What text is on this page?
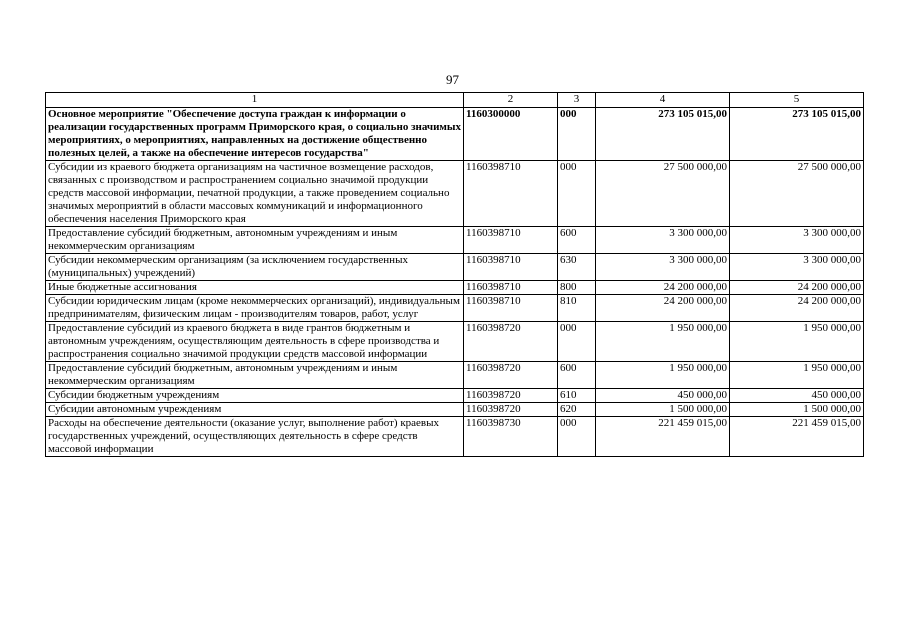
97
1	2	3	4	5
Основное мероприятие "Обеспечение доступа граждан к информации о реализации государственных программ Приморского края, о социально значимых мероприятиях, о мероприятиях, направленных на достижение общественно полезных целей, а также на обеспечение интересов государства"	1160300000	000	273 105 015,00	273 105 015,00
Субсидии из краевого бюджета организациям на частичное возмещение расходов, связанных с производством и распространением социально значимой продукции средств массовой информации, печатной продукции, а также проведением социально значимых мероприятий в области массовых коммуникаций и информационного обеспечения населения Приморского края	1160398710	000	27 500 000,00	27 500 000,00
Предоставление субсидий бюджетным, автономным учреждениям и иным некоммерческим организациям	1160398710	600	3 300 000,00	3 300 000,00
Субсидии некоммерческим организациям (за исключением государственных (муниципальных) учреждений)	1160398710	630	3 300 000,00	3 300 000,00
Иные бюджетные ассигнования	1160398710	800	24 200 000,00	24 200 000,00
Субсидии юридическим лицам (кроме некоммерческих организаций), индивидуальным предпринимателям, физическим лицам - производителям товаров, работ, услуг	1160398710	810	24 200 000,00	24 200 000,00
Предоставление субсидий из краевого бюджета в виде грантов бюджетным и автономным учреждениям, осуществляющим деятельность в сфере производства и распространения социально значимой продукции средств массовой информации	1160398720	000	1 950 000,00	1 950 000,00
Предоставление субсидий бюджетным, автономным учреждениям и иным некоммерческим организациям	1160398720	600	1 950 000,00	1 950 000,00
Субсидии бюджетным учреждениям	1160398720	610	450 000,00	450 000,00
Субсидии автономным учреждениям	1160398720	620	1 500 000,00	1 500 000,00
Расходы на обеспечение деятельности (оказание услуг, выполнение работ) краевых государственных учреждений, осуществляющих деятельность в сфере средств массовой информации	1160398730	000	221 459 015,00	221 459 015,00
